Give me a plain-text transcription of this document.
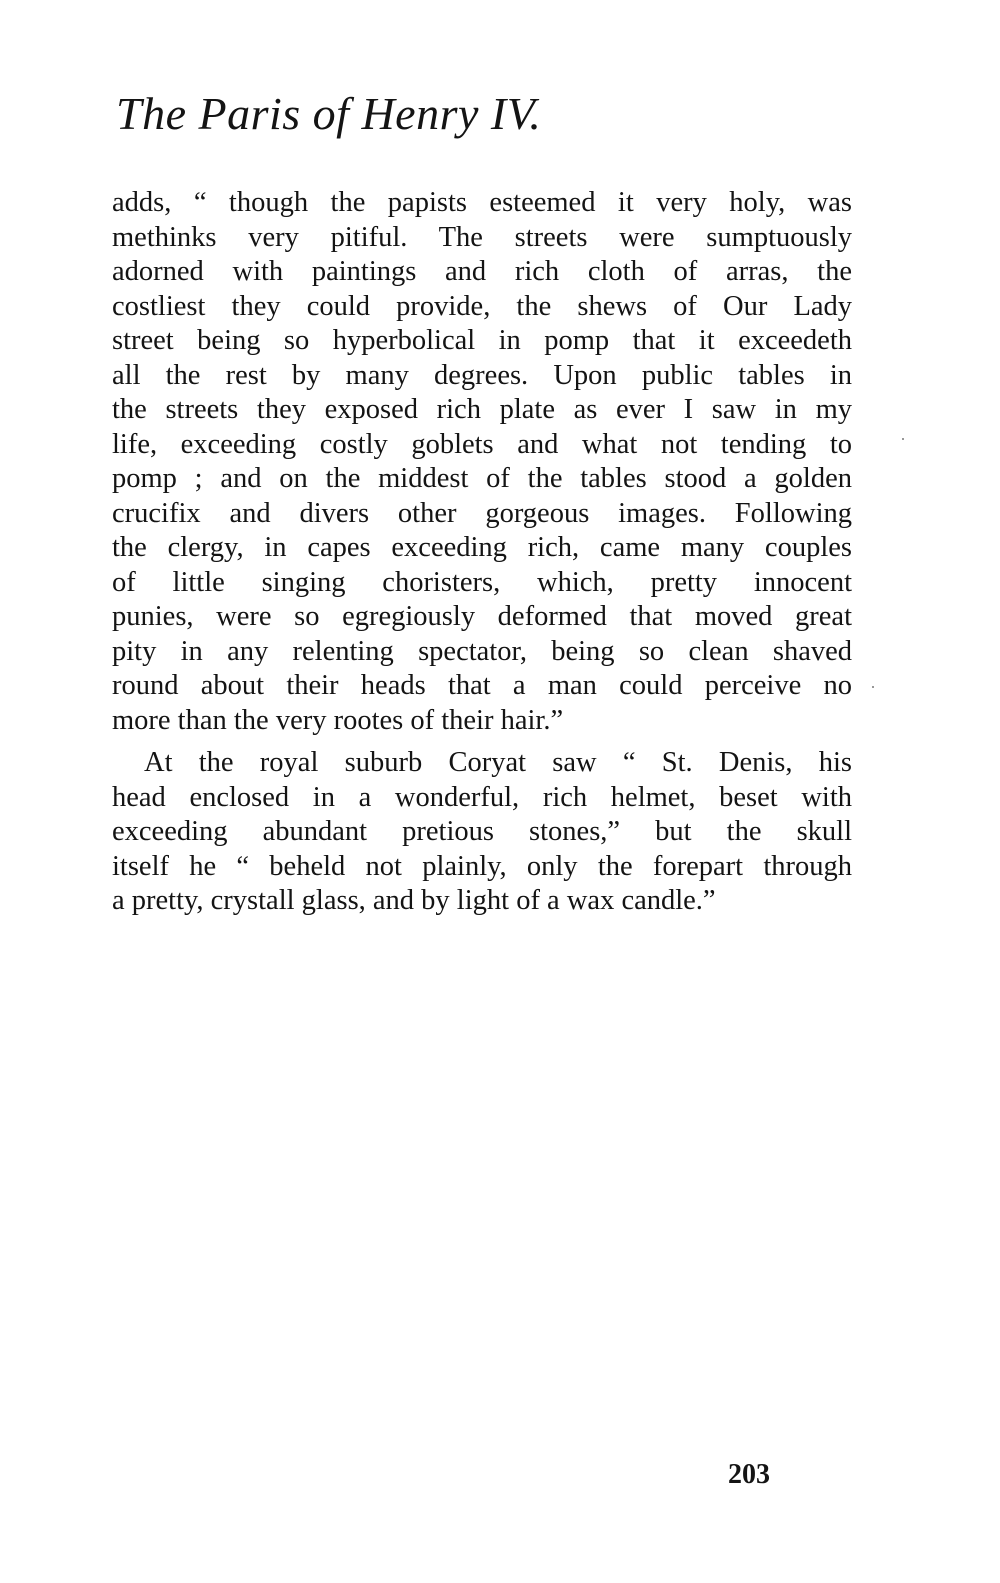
The Paris of Henry IV.
adds, “ though the papists esteemed it very holy, was
methinks very pitiful. The streets were sumptuously
adorned with paintings and rich cloth of arras, the
costliest they could provide, the shews of Our Lady
street being so hyperbolical in pomp that it exceedeth
all the rest by many degrees. Upon public tables in
the streets they exposed rich plate as ever I saw in my
life, exceeding costly goblets and what not tending to
pomp ; and on the middest of the tables stood a golden
crucifix and divers other gorgeous images. Following
the clergy, in capes exceeding rich, came many couples
of little singing choristers, which, pretty innocent
punies, were so egregiously deformed that moved great
pity in any relenting spectator, being so clean shaved
round about their heads that a man could perceive no
more than the very rootes of their hair.”
At the royal suburb Coryat saw “ St. Denis, his
head enclosed in a wonderful, rich helmet, beset with
exceeding abundant pretious stones,” but the skull
itself he “ beheld not plainly, only the forepart through
a pretty, crystall glass, and by light of a wax candle.”
203
